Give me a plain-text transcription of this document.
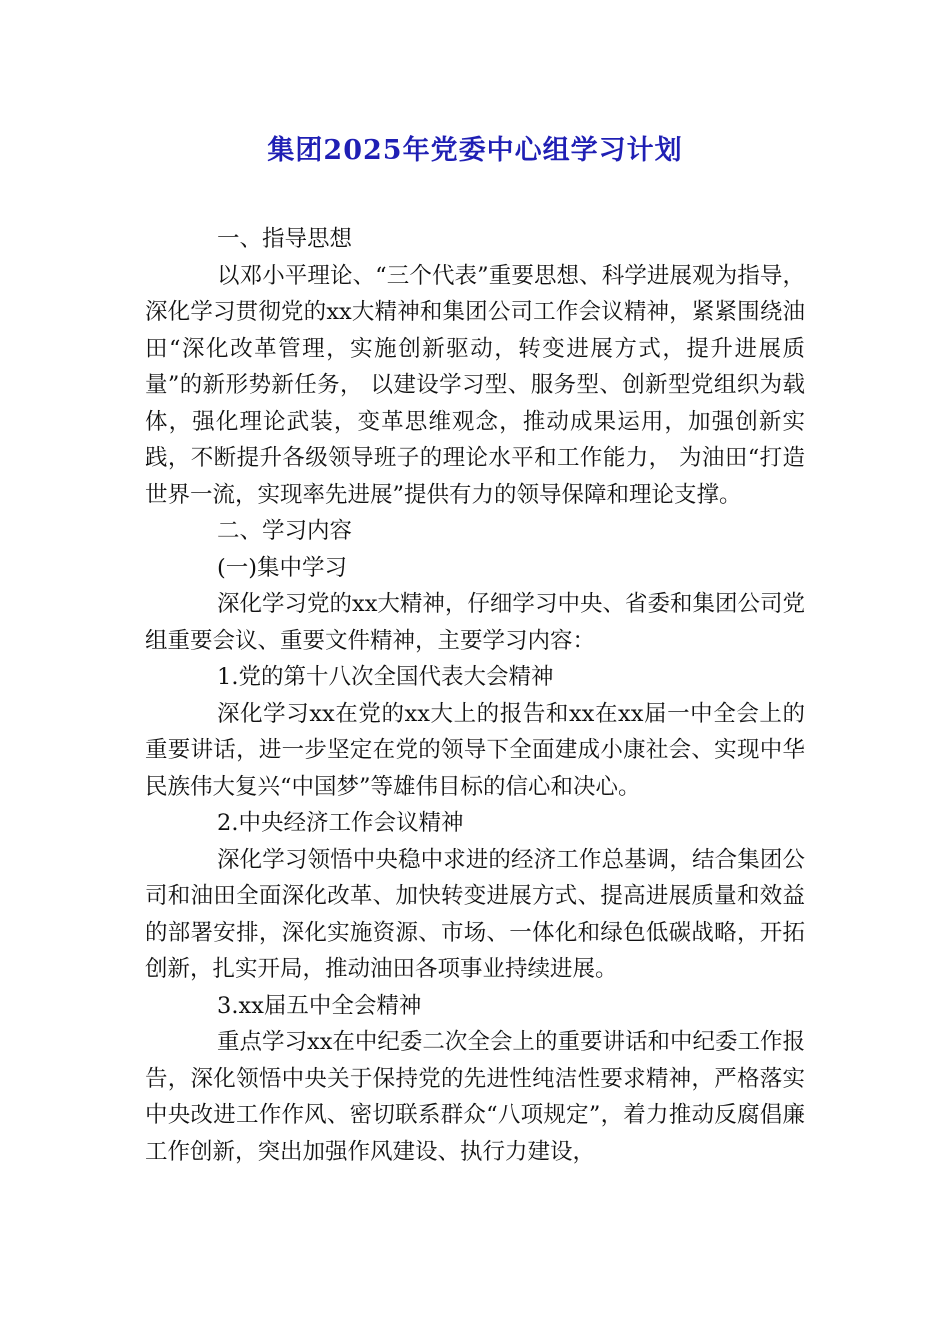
集团2025年党委中心组学习计划

一、指导思想

以邓小平理论、“三个代表”重要思想、科学进展观为指导，深化学习贯彻党的xx大精神和集团公司工作会议精神，紧紧围绕油田“深化改革管理，实施创新驱动，转变进展方式，提升进展质量”的新形势新任务， 以建设学习型、服务型、创新型党组织为载体，强化理论武装，变革思维观念，推动成果运用，加强创新实践，不断提升各级领导班子的理论水平和工作能力， 为油田“打造世界一流，实现率先进展”提供有力的领导保障和理论支撑。

二、学习内容

(一)集中学习

深化学习党的xx大精神，仔细学习中央、省委和集团公司党组重要会议、重要文件精神，主要学习内容：

1.党的第十八次全国代表大会精神

深化学习xx在党的xx大上的报告和xx在xx届一中全会上的重要讲话，进一步坚定在党的领导下全面建成小康社会、实现中华民族伟大复兴“中国梦”等雄伟目标的信心和决心。

2.中央经济工作会议精神

深化学习领悟中央稳中求进的经济工作总基调，结合集团公司和油田全面深化改革、加快转变进展方式、提高进展质量和效益的部署安排，深化实施资源、市场、一体化和绿色低碳战略，开拓创新，扎实开局，推动油田各项事业持续进展。

3.xx届五中全会精神

重点学习xx在中纪委二次全会上的重要讲话和中纪委工作报告，深化领悟中央关于保持党的先进性纯洁性要求精神，严格落实中央改进工作作风、密切联系群众“八项规定”，着力推动反腐倡廉工作创新，突出加强作风建设、执行力建设，
